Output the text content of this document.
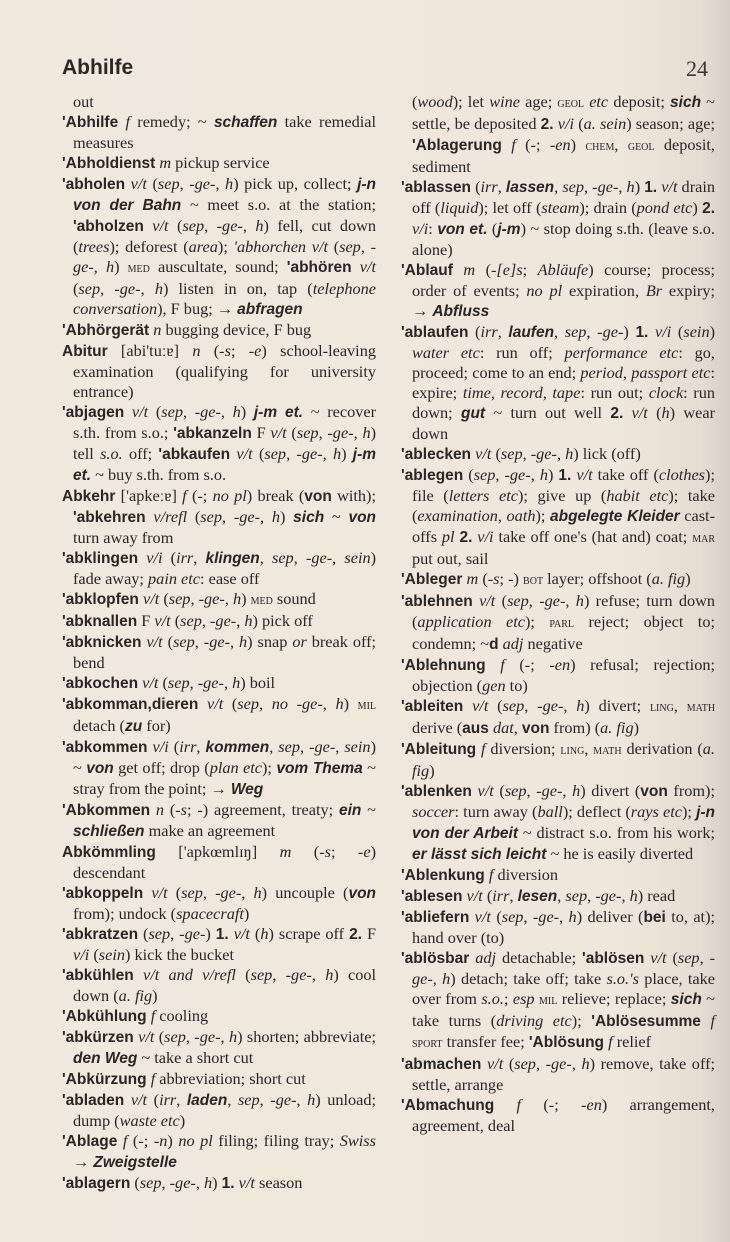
Abhilfe	24

out

'Abhilfe f remedy; ~ schaffen take remedial measures

'Abholdienst m pickup service

'abholen v/t (sep, -ge-, h) pick up, collect; j-n von der Bahn ~ meet s.o. at the station; 'abholzen v/t (sep, -ge-, h) fell, cut down (trees); deforest (area); 'abhorchen v/t (sep, -ge-, h) med auscultate, sound; 'abhören v/t (sep, -ge-, h) listen in on, tap (telephone conversation), F bug; → abfragen

'Abhörgerät n bugging device, F bug

Abitur [abi'tuːɐ] n (-s; -e) school-leaving examination (qualifying for university entrance)

'abjagen v/t (sep, -ge-, h) j-m et. ~ recover s.th. from s.o.; 'abkanzeln F v/t (sep, -ge-, h) tell s.o. off; 'abkaufen v/t (sep, -ge-, h) j-m et. ~ buy s.th. from s.o.

Abkehr ['apkeːɐ] f (-; no pl) break (von with); 'abkehren v/refl (sep, -ge-, h) sich ~ von turn away from

'abklingen v/i (irr, klingen, sep, -ge-, sein) fade away; pain etc: ease off

'abklopfen v/t (sep, -ge-, h) med sound

'abknallen F v/t (sep, -ge-, h) pick off

'abknicken v/t (sep, -ge-, h) snap or break off; bend

'abkochen v/t (sep, -ge-, h) boil

'abkomman,dieren v/t (sep, no -ge-, h) mil detach (zu for)

'abkommen v/i (irr, kommen, sep, -ge-, sein) ~ von get off; drop (plan etc); vom Thema ~ stray from the point; → Weg

'Abkommen n (-s; -) agreement, treaty; ein ~ schließen make an agreement

Abkömmling ['apkœmlɪŋ] m (-s; -e) descendant

'abkoppeln v/t (sep, -ge-, h) uncouple (von from); undock (spacecraft)

'abkratzen (sep, -ge-) 1. v/t (h) scrape off 2. F v/i (sein) kick the bucket

'abkühlen v/t and v/refl (sep, -ge-, h) cool down (a. fig)

'Abkühlung f cooling

'abkürzen v/t (sep, -ge-, h) shorten; abbreviate; den Weg ~ take a short cut

'Abkürzung f abbreviation; short cut

'abladen v/t (irr, laden, sep, -ge-, h) unload; dump (waste etc)

'Ablage f (-; -n) no pl filing; filing tray; Swiss → Zweigstelle

'ablagern (sep, -ge-, h) 1. v/t season

(wood); let wine age; geol etc deposit; sich ~ settle, be deposited 2. v/i (a. sein) season; age; 'Ablagerung f (-; -en) chem, geol deposit, sediment

'ablassen (irr, lassen, sep, -ge-, h) 1. v/t drain off (liquid); let off (steam); drain (pond etc) 2. v/i: von et. (j-m) ~ stop doing s.th. (leave s.o. alone)

'Ablauf m (-[e]s; Abläufe) course; process; order of events; no pl expiration, Br expiry; → Abfluss

'ablaufen (irr, laufen, sep, -ge-) 1. v/i (sein) water etc: run off; performance etc: go, proceed; come to an end; period, passport etc: expire; time, record, tape: run out; clock: run down; gut ~ turn out well 2. v/t (h) wear down

'ablecken v/t (sep, -ge-, h) lick (off)

'ablegen (sep, -ge-, h) 1. v/t take off (clothes); file (letters etc); give up (habit etc); take (examination, oath); abgelegte Kleider cast-offs pl 2. v/i take off one's (hat and) coat; mar put out, sail

'Ableger m (-s; -) bot layer; offshoot (a. fig)

'ablehnen v/t (sep, -ge-, h) refuse; turn down (application etc); parl reject; object to; condemn; ~d adj negative

'Ablehnung f (-; -en) refusal; rejection; objection (gen to)

'ableiten v/t (sep, -ge-, h) divert; ling, math derive (aus dat, von from) (a. fig)

'Ableitung f diversion; ling, math derivation (a. fig)

'ablenken v/t (sep, -ge-, h) divert (von from); soccer: turn away (ball); deflect (rays etc); j-n von der Arbeit ~ distract s.o. from his work; er lässt sich leicht ~ he is easily diverted

'Ablenkung f diversion

'ablesen v/t (irr, lesen, sep, -ge-, h) read

'abliefern v/t (sep, -ge-, h) deliver (bei to, at); hand over (to)

'ablösbar adj detachable; 'ablösen v/t (sep, -ge-, h) detach; take off; take s.o.'s place, take over from s.o.; esp mil relieve; replace; sich ~ take turns (driving etc); 'Ablösesumme f sport transfer fee; 'Ablösung f relief

'abmachen v/t (sep, -ge-, h) remove, take off; settle, arrange

'Abmachung f (-; -en) arrangement, agreement, deal
